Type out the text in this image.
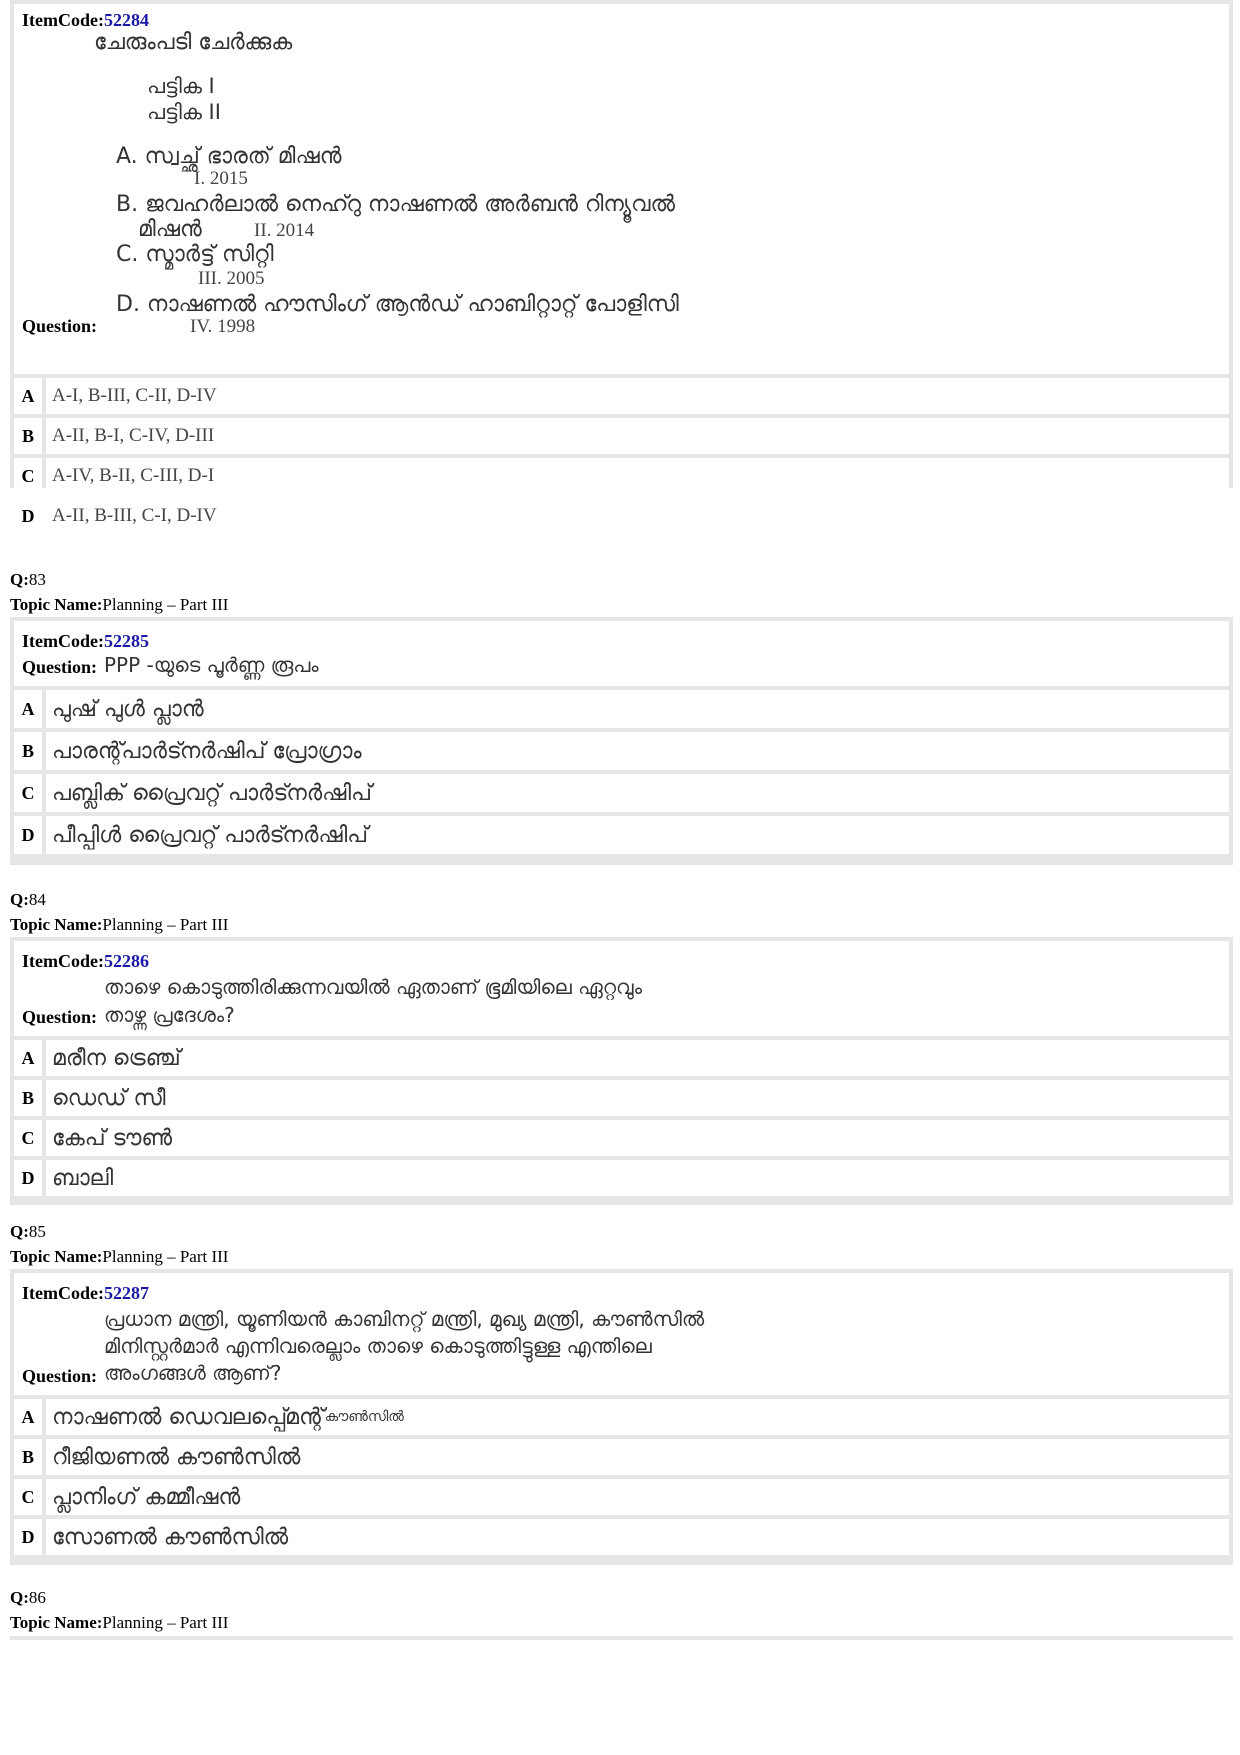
ItemCode:52284
ചേരുംപടി ചേർക്കുക
പട്ടിക I
പട്ടിക II
A. സ്വച്ഛ് ഭാരത് മിഷൻ
I. 2015
B. ജവഹർലാൽ നെഹ്റു നാഷണൽ അർബൻ റിന്യൂവൽ
മിഷൻ	II. 2014
C. സ്മാർട്ട് സിറ്റി
III. 2005
D. നാഷണൽ ഹൗസിംഗ് ആൻഡ് ഹാബിറ്റാറ്റ് പോളിസി
Question:	IV. 1998
A A-I, B-III, C-II, D-IV
B A-II, B-I, C-IV, D-III
C A-IV, B-II, C-III, D-I
D A-II, B-III, C-I, D-IV
Q:83
Topic Name:Planning – Part III
ItemCode:52285
Question: PPP -യുടെ പൂർണ്ണ രൂപം
A പുഷ് പുൾ പ്ലാൻ
B പാരന്റ്പാർട്നർഷിപ് പ്രോഗ്രാം
C പബ്ലിക് പ്രൈവറ്റ് പാർട്നർഷിപ്
D പീപ്പിൾ പ്രൈവറ്റ് പാർട്നർഷിപ്
Q:84
Topic Name:Planning – Part III
ItemCode:52286
താഴെ കൊടുത്തിരിക്കുന്നവയിൽ ഏതാണ് ഭൂമിയിലെ ഏറ്റവും
Question: താഴ്ന്ന പ്രദേശം?
A മരീന ട്രെഞ്ച്
B ഡെഡ് സീ
C കേപ് ടൗൺ
D ബാലി
Q:85
Topic Name:Planning – Part III
ItemCode:52287
പ്രധാന മന്ത്രി, യൂണിയൻ കാബിനറ്റ് മന്ത്രി, മുഖ്യ മന്ത്രി, കൗൺസിൽ
മിനിസ്റ്റർമാർ എന്നിവരെല്ലാം താഴെ കൊടുത്തിട്ടുള്ള എന്തിലെ
Question: അംഗങ്ങൾ ആണ്?
A നാഷണൽ ഡെവലപ്പ്മെന്റ് കൗൺസിൽ
B റീജിയണൽ കൗൺസിൽ
C പ്ലാനിംഗ് കമ്മീഷൻ
D സോണൽ കൗൺസിൽ
Q:86
Topic Name:Planning – Part III
